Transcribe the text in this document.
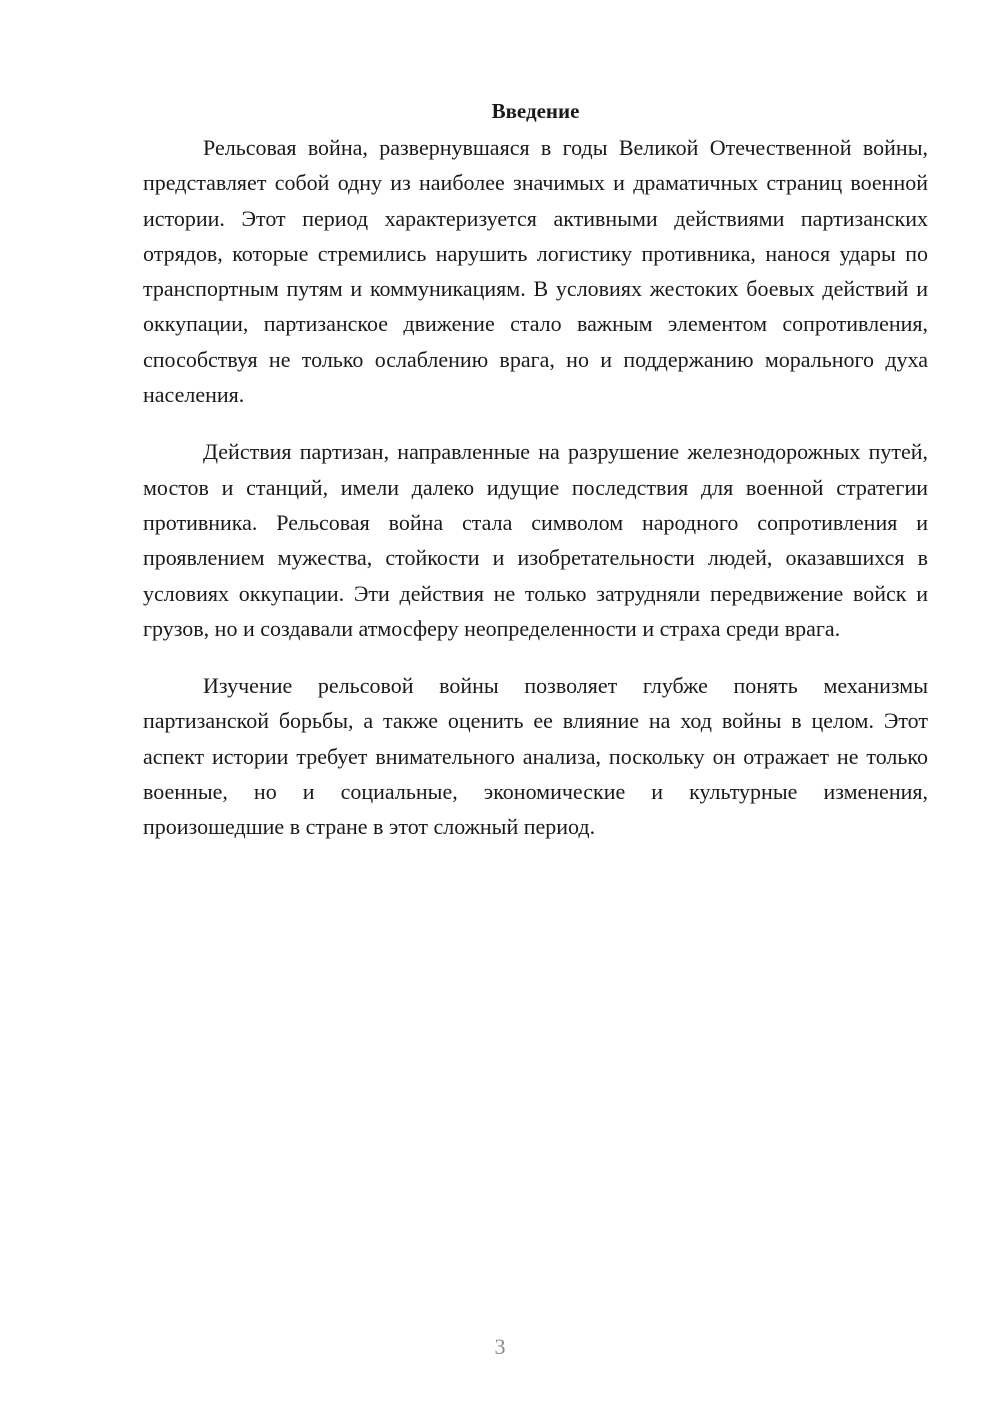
Введение

Рельсовая война, развернувшаяся в годы Великой Отечественной войны, представляет собой одну из наиболее значимых и драматичных страниц военной истории. Этот период характеризуется активными действиями партизанских отрядов, которые стремились нарушить логистику противника, нанося удары по транспортным путям и коммуникациям. В условиях жестоких боевых действий и оккупации, партизанское движение стало важным элементом сопротивления, способствуя не только ослаблению врага, но и поддержанию морального духа населения.

Действия партизан, направленные на разрушение железнодорожных путей, мостов и станций, имели далеко идущие последствия для военной стратегии противника. Рельсовая война стала символом народного сопротивления и проявлением мужества, стойкости и изобретательности людей, оказавшихся в условиях оккупации. Эти действия не только затрудняли передвижение войск и грузов, но и создавали атмосферу неопределенности и страха среди врага.

Изучение рельсовой войны позволяет глубже понять механизмы партизанской борьбы, а также оценить ее влияние на ход войны в целом. Этот аспект истории требует внимательного анализа, поскольку он отражает не только военные, но и социальные, экономические и культурные изменения, произошедшие в стране в этот сложный период.

3
